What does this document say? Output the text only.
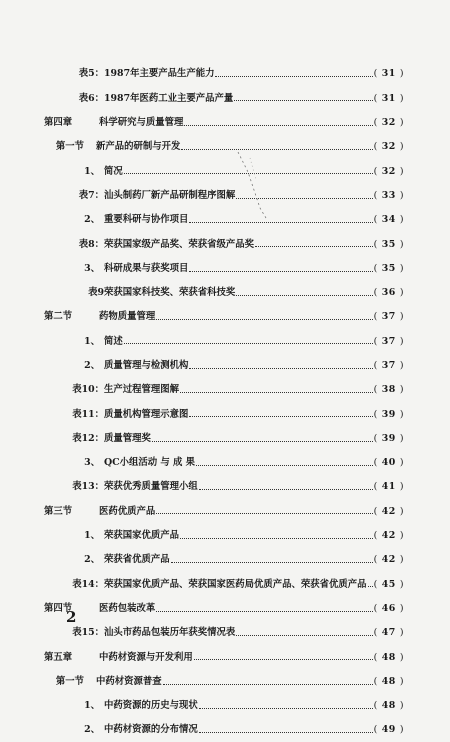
表5： 1987年主要产品生产能力	( 31 )
表6： 1987年医药工业主要产品产量	( 31 )
第四章	科学研究与质量管理	( 32 )
第一节	新产品的研制与开发	( 32 )
1、 简况	( 32 )
表7： 汕头制药厂新产品研制程序图解	( 33 )
2、 重要科研与协作项目	( 34 )
表8： 荣获国家级产品奖、荣获省级产品奖	( 35 )
3、 科研成果与获奖项目	( 35 )
表9 荣获国家科技奖、荣获省科技奖	( 36 )
第二节	药物质量管理	( 37 )
1、 简述	( 37 )
2、 质量管理与检测机构	( 37 )
表10： 生产过程管理图解	( 38 )
表11： 质量机构管理示意图	( 39 )
表12： 质量管理奖	( 39 )
3、 QC小组活动 与 成 果	( 40 )
表13： 荣获优秀质量管理小组	( 41 )
第三节	医药优质产品	( 42 )
1、 荣获国家优质产品	( 42 )
2、 荣获省优质产品	( 42 )
表14： 荣获国家优质产品、荣获国家医药局优质产品、荣获省优质产品	( 45 )
第四节	医药包装改革	( 46 )
表15： 汕头市药品包装历年获奖情况表	( 47 )
第五章	中药材资源与开发利用	( 48 )
第一节	中药材资源普查	( 48 )
1、 中药资源的历史与现状	( 48 )
2、 中药材资源的分布情况	( 49 )
2
